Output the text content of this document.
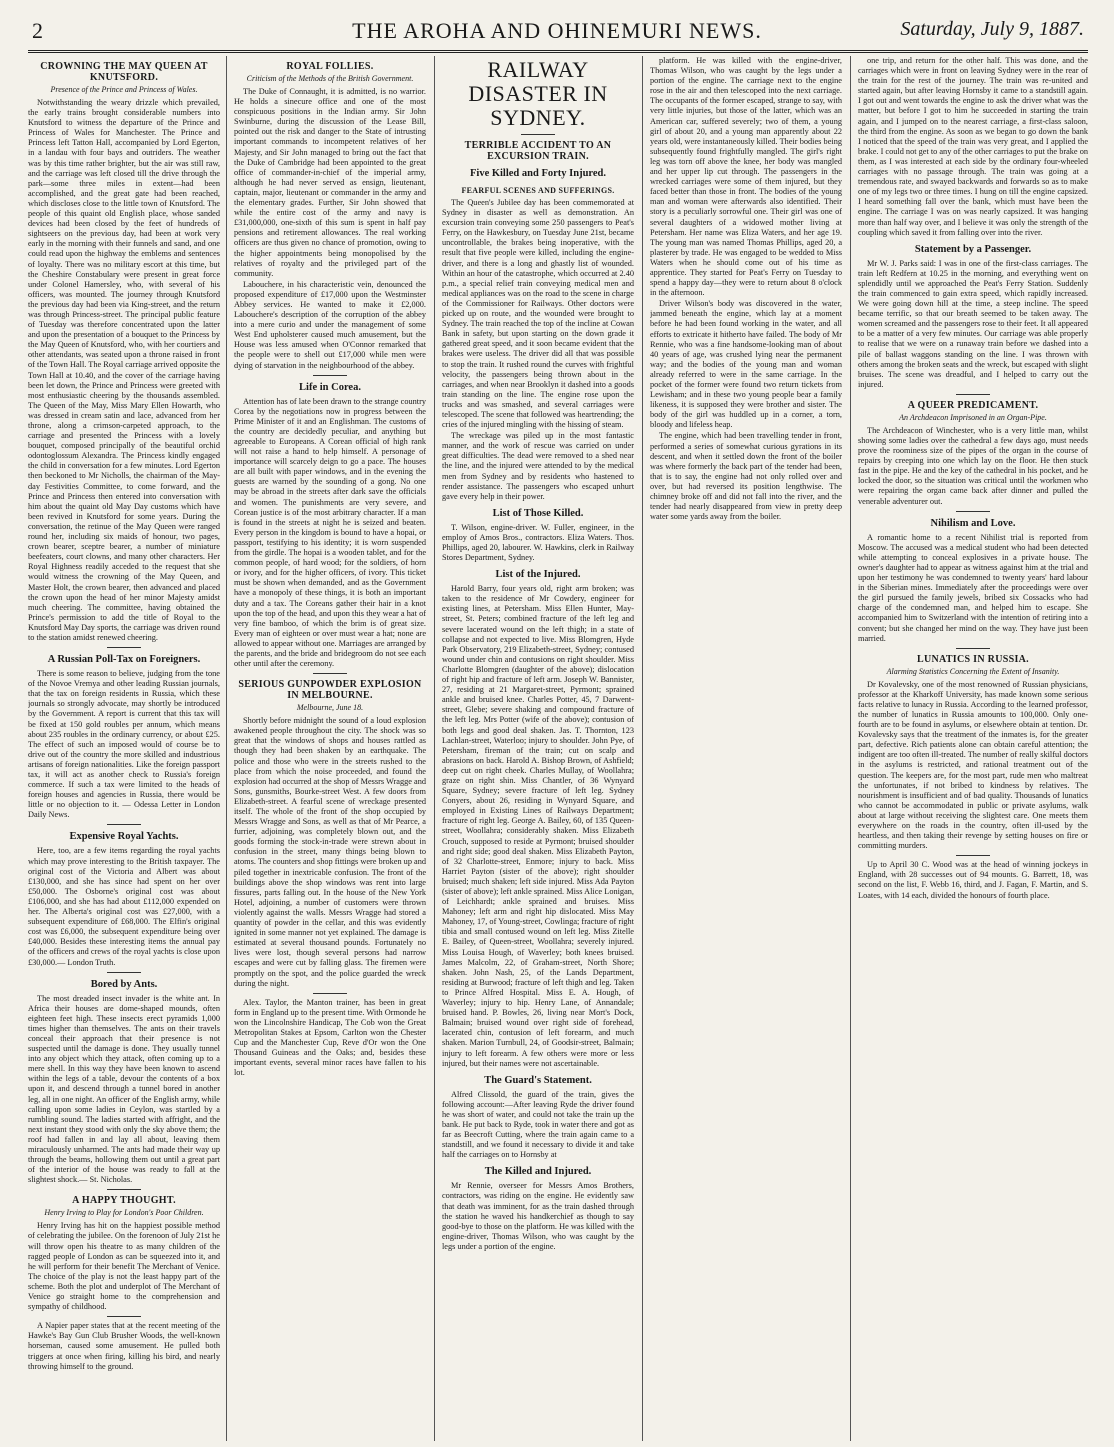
2	THE AROHA AND OHINEMURI NEWS.	Saturday, July 9, 1887.
CROWNING THE MAY QUEEN AT KNUTSFORD.
Presence of the Prince and Princess of Wales.

Notwithstanding the weary drizzle which prevailed, the early trains brought considerable numbers into Knutsford to witness the departure of the Prince and Princess of Wales for Manchester. The Prince and Princess left Tatton Hall, accompanied by Lord Egerton, in a landau with four bays and outriders. The weather was by this time rather brighter, but the air was still raw, and the carriage was left closed till the drive through the park—some three miles in extent—had been accomplished, and the great gate had been reached, which discloses close to the little town of Knutsford. The people of this quaint old English place, whose sanded devices had been closed by the feet of hundreds of sightseers on the previous day, had been at work very early in the morning with their funnels and sand, and one could read upon the highway the emblems and sentences of loyalty. There was no military escort at this time, but the Cheshire Constabulary were present in great force under Colonel Hamersley, who, with several of his officers, was mounted. The journey through Knutsford the previous day had been via King-street, and the return was through Princess-street. The principal public feature of Tuesday was therefore concentrated upon the latter and upon the presentation of a bouquet to the Princess by the May Queen of Knutsford, who, with her courtiers and other attendants, was seated upon a throne raised in front of the Town Hall. The Royal carriage arrived opposite the Town Hall at 10.40, and the cover of the carriage having been let down, the Prince and Princess were greeted with most enthusiastic cheering by the thousands assembled. The Queen of the May, Miss Mary Ellen Howarth, who was dressed in cream satin and lace, advanced from her throne, along a crimson-carpeted approach, to the carriage and presented the Princess with a lovely bouquet, composed principally of the beautiful orchid odontoglossum Alexandra. The Princess kindly engaged the child in conversation for a few minutes. Lord Egerton then beckoned to Mr Nicholls, the chairman of the May-day Festivities Committee, to come forward, and the Prince and Princess then entered into conversation with him about the quaint old May Day customs which have been revived in Knutsford for some years. During the conversation, the retinue of the May Queen were ranged round her, including six maids of honour, two pages, crown bearer, sceptre bearer, a number of miniature beefeaters, court clowns, and many other characters. Her Royal Highness readily acceded to the request that she would witness the crowning of the May Queen, and Master Holt, the crown bearer, then advanced and placed the crown upon the head of her minor Majesty amidst much cheering. The committee, having obtained the Prince's permission to add the title of Royal to the Knutsford May Day sports, the carriage was driven round to the station amidst renewed cheering.

A Russian Poll-Tax on Foreigners.

There is some reason to believe, judging from the tone of the Novoe Vremya and other leading Russian journals, that the tax on foreign residents in Russia, which these journals so strongly advocate, may shortly be introduced by the Government. A report is current that this tax will be fixed at 150 gold roubles per annum, which means about 235 roubles in the ordinary currency, or about £25. The effect of such an imposed would of course be to drive out of the country the more skilled and industrious artisans of foreign nationalities. Like the foreign passport tax, it will act as another check to Russia's foreign commerce. If such a tax were limited to the heads of foreign houses and agencies in Russia, there would be little or no objection to it. — Odessa Letter in London Daily News.

Expensive Royal Yachts.

Here, too, are a few items regarding the royal yachts which may prove interesting to the British taxpayer. The original cost of the Victoria and Albert was about £130,000, and she has since had spent on her over £50,000. The Osborne's original cost was about £106,000, and she has had about £112,000 expended on her. The Alberta's original cost was £27,000, with a subsequent expenditure of £68,000. The Elfin's original cost was £6,000, the subsequent expenditure being over £40,000. Besides these interesting items the annual pay of the officers and crews of the royal yachts is close upon £30,000.— London Truth.

Bored by Ants.

The most dreaded insect invader is the white ant. In Africa their houses are dome-shaped mounds, often eighteen feet high. These insects erect pyramids 1,000 times higher than themselves. The ants on their travels conceal their approach that their presence is not suspected until the damage is done. They usually tunnel into any object which they attack, often coming up to a mere shell. In this way they have been known to ascend within the legs of a table, devour the contents of a box upon it, and descend through a tunnel bored in another leg, all in one night. An officer of the English army, while calling upon some ladies in Ceylon, was startled by a rumbling sound. The ladies started with affright, and the next instant they stood with only the sky above them; the roof had fallen in and lay all about, leaving them miraculously unharmed. The ants had made their way up through the beams, hollowing them out until a great part of the interior of the house was ready to fall at the slightest shock.— St. Nicholas.

A HAPPY THOUGHT.
Henry Irving to Play for London's Poor Children.

Henry Irving has hit on the happiest possible method of celebrating the jubilee. On the forenoon of July 21st he will throw open his theatre to as many children of the ragged people of London as can be squeezed into it, and he will perform for their benefit The Merchant of Venice. The choice of the play is not the least happy part of the scheme. Both the plot and underplot of The Merchant of Venice go straight home to the comprehension and sympathy of childhood.

A Napier paper states that at the recent meeting of the Hawke's Bay Gun Club Brusher Woods, the well-known horseman, caused some amusement. He pulled both triggers at once when firing, killing his bird, and nearly throwing himself to the ground.

ROYAL FOLLIES.
Criticism of the Methods of the British Government.

The Duke of Connaught, it is admitted, is no warrior. He holds a sinecure office and one of the most conspicuous positions in the Indian army. Sir John Swinburne, during the discussion of the Lease Bill, pointed out the risk and danger to the State of intrusting important commands to incompetent relatives of her Majesty, and Sir John managed to bring out the fact that the Duke of Cambridge had been appointed to the great office of commander-in-chief of the imperial army, although he had never served as ensign, lieutenant, captain, major, lieutenant or commander in the army and the elementary grades. Further, Sir John showed that while the entire cost of the army and navy is £31,000,000, one-sixth of this sum is spent in half pay pensions and retirement allowances. The real working officers are thus given no chance of promotion, owing to the higher appointments being monopolised by the relatives of royalty and the privileged part of the community.

Labouchere, in his characteristic vein, denounced the proposed expenditure of £17,000 upon the Westminster Abbey services. He wanted to make it £2,000. Labouchere's description of the corruption of the abbey into a mere curio and under the management of some West End upholsterer caused much amusement, but the House was less amused when O'Connor remarked that the people were to shell out £17,000 while men were dying of starvation in the neighbourhood of the abbey.

Life in Corea.

Attention has of late been drawn to the strange country Corea by the negotiations now in progress between the Prime Minister of it and an Englishman. The customs of the country are decidedly peculiar, and anything but agreeable to Europeans. A Corean official of high rank will not raise a hand to help himself. A personage of importance will scarcely deign to go a pace. The houses are all built with paper windows, and in the evening the guests are warned by the sounding of a gong. No one may be abroad in the streets after dark save the officials and women. The punishments are very severe, and Corean justice is of the most arbitrary character. If a man is found in the streets at night he is seized and beaten. Every person in the kingdom is bound to have a hopai, or passport, testifying to his identity; it is worn suspended from the girdle. The hopai is a wooden tablet, and for the common people, of hard wood; for the soldiers, of horn or ivory, and for the higher officers, of ivory. This ticket must be shown when demanded, and as the Government have a monopoly of these things, it is both an important duty and a tax. The Coreans gather their hair in a knot upon the top of the head, and upon this they wear a hat of very fine bamboo, of which the brim is of great size. Every man of eighteen or over must wear a hat; none are allowed to appear without one. Marriages are arranged by the parents, and the bride and bridegroom do not see each other until after the ceremony.

SERIOUS GUNPOWDER EXPLOSION IN MELBOURNE.
Melbourne, June 18.

Shortly before midnight the sound of a loud explosion awakened people throughout the city. The shock was so great that the windows of shops and houses rattled as though they had been shaken by an earthquake. The police and those who were in the streets rushed to the place from which the noise proceeded, and found the explosion had occurred at the shop of Messrs Wragge and Sons, gunsmiths, Bourke-street West. A few doors from Elizabeth-street. A fearful scene of wreckage presented itself. The whole of the front of the shop occupied by Messrs Wragge and Sons, as well as that of Mr Pearce, a furrier, adjoining, was completely blown out, and the goods forming the stock-in-trade were strewn about in confusion in the street, many things being blown to atoms. The counters and shop fittings were broken up and piled together in inextricable confusion. The front of the buildings above the shop windows was rent into large fissures, parts falling out. In the house of the New York Hotel, adjoining, a number of customers were thrown violently against the walls. Messrs Wragge had stored a quantity of powder in the cellar, and this was evidently ignited in some manner not yet explained. The damage is estimated at several thousand pounds. Fortunately no lives were lost, though several persons had narrow escapes and were cut by falling glass. The firemen were promptly on the spot, and the police guarded the wreck during the night.

Alex. Taylor, the Manton trainer, has been in great form in England up to the present time. With Ormonde he won the Lincolnshire Handicap, The Cob won the Great Metropolitan Stakes at Epsom, Carlton won the Chester Cup and the Manchester Cup, Reve d'Or won the One Thousand Guineas and the Oaks; and, besides these important events, several minor races have fallen to his lot.

RAILWAY DISASTER IN SYDNEY.
TERRIBLE ACCIDENT TO AN EXCURSION TRAIN.
Five Killed and Forty Injured.
FEARFUL SCENES AND SUFFERINGS.

The Queen's Jubilee day has been commemorated at Sydney in disaster as well as demonstration. An excursion train conveying some 250 passengers to Peat's Ferry, on the Hawkesbury, on Tuesday June 21st, became uncontrollable, the brakes being inoperative, with the result that five people were killed, including the engine-driver, and there is a long and ghastly list of wounded. Within an hour of the catastrophe, which occurred at 2.40 p.m., a special relief train conveying medical men and medical appliances was on the road to the scene in charge of the Commissioner for Railways. Other doctors were picked up on route, and the wounded were brought to Sydney. The train reached the top of the incline at Cowan Bank in safety, but upon starting on the down grade it gathered great speed, and it soon became evident that the brakes were useless. The driver did all that was possible to stop the train. It rushed round the curves with frightful velocity, the passengers being thrown about in the carriages, and when near Brooklyn it dashed into a goods train standing on the line. The engine rose upon the trucks and was smashed, and several carriages were telescoped. The scene that followed was heartrending; the cries of the injured mingling with the hissing of steam.

The wreckage was piled up in the most fantastic manner, and the work of rescue was carried on under great difficulties. The dead were removed to a shed near the line, and the injured were attended to by the medical men from Sydney and by residents who hastened to render assistance. The passengers who escaped unhurt gave every help in their power.

List of Those Killed.

T. Wilson, engine-driver. W. Fuller, engineer, in the employ of Amos Bros., contractors. Eliza Waters. Thos. Phillips, aged 20, labourer. W. Hawkins, clerk in Railway Stores Department, Sydney.

List of the Injured.

Harold Barry, four years old, right arm broken; was taken to the residence of Mr Cowdery, engineer for existing lines, at Petersham. Miss Ellen Hunter, May-street, St. Peters; combined fracture of the left leg and severe lacerated wound on the left thigh; in a state of collapse and not expected to live. Miss Blomgren, Hyde Park Observatory, 219 Elizabeth-street, Sydney; contused wound under chin and contusions on right shoulder. Miss Charlotte Blomgren (daughter of the above); dislocation of right hip and fracture of left arm. Joseph W. Bannister, 27, residing at 21 Margaret-street, Pyrmont; sprained ankle and bruised knee. Charles Potter, 45, 7 Darwent-street, Glebe; severe shaking and compound fracture of the left leg. Mrs Potter (wife of the above); contusion of both legs and good deal shaken. Jas. T. Thornton, 123 Lachlan-street, Waterloo; injury to shoulder. John Pye, of Petersham, fireman of the train; cut on scalp and abrasions on back. Harold A. Bishop Brown, of Ashfield; deep cut on right cheek. Charles Mullay, of Woollahra; graze on right shin. Miss Chantler, of 36 Wynyard Square, Sydney; severe fracture of left leg. Sydney Conyers, about 26, residing in Wynyard Square, and employed in Existing Lines of Railways Department; fracture of right leg. George A. Bailey, 60, of 135 Queen-street, Woollahra; considerably shaken. Miss Elizabeth Crouch, supposed to reside at Pyrmont; bruised shoulder and right side; good deal shaken. Miss Elizabeth Payton, of 32 Charlotte-street, Enmore; injury to back. Miss Harriet Payton (sister of the above); right shoulder bruised; much shaken; left side injured. Miss Ada Payton (sister of above); left ankle sprained. Miss Alice Lonigan, of Leichhardt; ankle sprained and bruises. Miss Mahoney; left arm and right hip dislocated. Miss May Mahoney, 17, of Young-street, Cowlinga; fracture of right tibia and small contused wound on left leg. Miss Zitelle E. Bailey, of Queen-street, Woollahra; severely injured. Miss Louisa Hough, of Waverley; both knees bruised. James Malcolm, 22, of Graham-street, North Shore; shaken. John Nash, 25, of the Lands Department, residing at Burwood; fracture of left thigh and leg. Taken to Prince Alfred Hospital. Miss E. A. Hough, of Waverley; injury to hip. Henry Lane, of Annandale; bruised hand. P. Bowles, 26, living near Mort's Dock, Balmain; bruised wound over right side of forehead, lacerated chin, contusion of left forearm, and much shaken. Marion Turnbull, 24, of Goodsir-street, Balmain; injury to left forearm. A few others were more or less injured, but their names were not ascertainable.

The Guard's Statement.

Alfred Clissold, the guard of the train, gives the following account:—After leaving Ryde the driver found he was short of water, and could not take the train up the bank. He put back to Ryde, took in water there and got as far as Beecroft Cutting, where the train again came to a standstill, and we found it necessary to divide it and take half the carriages on to Hornsby at

The Killed and Injured.

Mr Rennie, overseer for Messrs Amos Brothers, contractors, was riding on the engine. He evidently saw that death was imminent, for as the train dashed through the station he waved his handkerchief as though to say good-bye to those on the platform. He was killed with the engine-driver, Thomas Wilson, who was caught by the legs under a portion of the engine.

platform. He was killed with the engine-driver, Thomas Wilson, who was caught by the legs under a portion of the engine. The carriage next to the engine rose in the air and then telescoped into the next carriage. The occupants of the former escaped, strange to say, with very little injuries, but those of the latter, which was an American car, suffered severely; two of them, a young girl of about 20, and a young man apparently about 22 years old, were instantaneously killed. Their bodies being subsequently found frightfully mangled. The girl's right leg was torn off above the knee, her body was mangled and her upper lip cut through. The passengers in the wrecked carriages were some of them injured, but they faced better than those in front. The bodies of the young man and woman were afterwards also identified. Their story is a peculiarly sorrowful one. Their girl was one of several daughters of a widowed mother living at Petersham. Her name was Eliza Waters, and her age 19. The young man was named Thomas Phillips, aged 20, a plasterer by trade. He was engaged to be wedded to Miss Waters when he should come out of his time as apprentice. They started for Peat's Ferry on Tuesday to spend a happy day—they were to return about 8 o'clock in the afternoon.

Driver Wilson's body was discovered in the water, jammed beneath the engine, which lay at a moment before he had been found working in the water, and all efforts to extricate it hitherto have failed. The body of Mr Rennie, who was a fine handsome-looking man of about 40 years of age, was crushed lying near the permanent way; and the bodies of the young man and woman already referred to were in the same carriage. In the pocket of the former were found two return tickets from Lewisham; and in these two young people bear a family likeness, it is supposed they were brother and sister. The body of the girl was huddled up in a corner, a torn, bloody and lifeless heap.

The engine, which had been travelling tender in front, performed a series of somewhat curious gyrations in its descent, and when it settled down the front of the boiler was where formerly the back part of the tender had been, that is to say, the engine had not only rolled over and over, but had reversed its position lengthwise. The chimney broke off and did not fall into the river, and the tender had nearly disappeared from view in pretty deep water some yards away from the boiler.

one trip, and return for the other half. This was done, and the carriages which were in front on leaving Sydney were in the rear of the train for the rest of the journey. The train was re-united and started again, but after leaving Hornsby it came to a standstill again. I got out and went towards the engine to ask the driver what was the matter, but before I got to him he succeeded in starting the train again, and I jumped on to the nearest carriage, a first-class saloon, the third from the engine. As soon as we began to go down the bank I noticed that the speed of the train was very great, and I applied the brake. I could not get to any of the other carriages to put the brake on them, as I was interested at each side by the ordinary four-wheeled carriages with no passage through. The train was going at a tremendous rate, and swayed backwards and forwards so as to make one of my legs two or three times. I hung on till the engine capsized. I heard something fall over the bank, which must have been the engine. The carriage I was on was nearly capsized. It was hanging more than half way over, and I believe it was only the strength of the coupling which saved it from falling over into the river.

Statement by a Passenger.

Mr W. J. Parks said: I was in one of the first-class carriages. The train left Redfern at 10.25 in the morning, and everything went on splendidly until we approached the Peat's Ferry Station. Suddenly the train commenced to gain extra speed, which rapidly increased. We were going down hill at the time, a steep incline. The speed became terrific, so that our breath seemed to be taken away. The women screamed and the passengers rose to their feet. It all appeared to be a matter of a very few minutes. Our carriage was able properly to realise that we were on a runaway train before we dashed into a pile of ballast waggons standing on the line. I was thrown with others among the broken seats and the wreck, but escaped with slight bruises. The scene was dreadful, and I helped to carry out the injured.

A QUEER PREDICAMENT.
An Archdeacon Imprisoned in an Organ-Pipe.

The Archdeacon of Winchester, who is a very little man, whilst showing some ladies over the cathedral a few days ago, must needs prove the roominess size of the pipes of the organ in the course of repairs by creeping into one which lay on the floor. He then stuck fast in the pipe. He and the key of the cathedral in his pocket, and he locked the door, so the situation was critical until the workmen who were repairing the organ came back after dinner and pulled the venerable adventurer out.

Nihilism and Love.

A romantic home to a recent Nihilist trial is reported from Moscow. The accused was a medical student who had been detected while attempting to conceal explosives in a private house. The owner's daughter had to appear as witness against him at the trial and upon her testimony he was condemned to twenty years' hard labour in the Siberian mines. Immediately after the proceedings were over the girl pursued the family jewels, bribed six Cossacks who had charge of the condemned man, and helped him to escape. She accompanied him to Switzerland with the intention of retiring into a convent; but she changed her mind on the way. They have just been married.

LUNATICS IN RUSSIA.
Alarming Statistics Concerning the Extent of Insanity.

Dr Kovalevsky, one of the most renowned of Russian physicians, professor at the Kharkoff University, has made known some serious facts relative to lunacy in Russia. According to the learned professor, the number of lunatics in Russia amounts to 100,000. Only one-fourth are to be found in asylums, or elsewhere obtain at tention. Dr. Kovalevsky says that the treatment of the inmates is, for the greater part, defective. Rich patients alone can obtain careful attention; the indigent are too often ill-treated. The number of really skilful doctors in the asylums is restricted, and rational treatment out of the question. The keepers are, for the most part, rude men who maltreat the unfortunates, if not bribed to kindness by relatives. The nourishment is insufficient and of bad quality. Thousands of lunatics who cannot be accommodated in public or private asylums, walk about at large without receiving the slightest care. One meets them everywhere on the roads in the country, often ill-used by the heartless, and then taking their revenge by setting houses on fire or committing murders.

Up to April 30 C. Wood was at the head of winning jockeys in England, with 28 successes out of 94 mounts. G. Barrett, 18, was second on the list, F. Webb 16, third, and J. Fagan, F. Martin, and S. Loates, with 14 each, divided the honours of fourth place.
